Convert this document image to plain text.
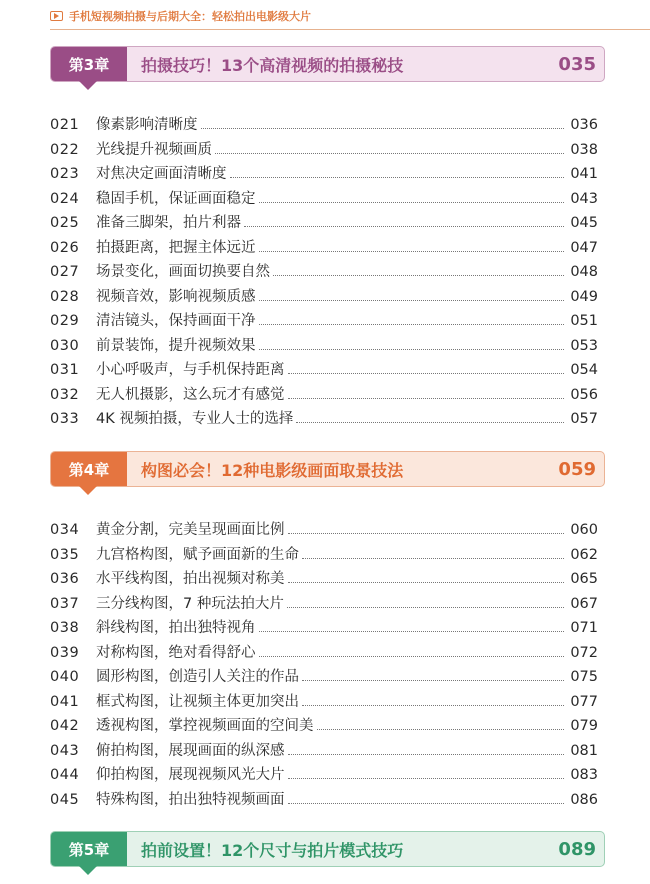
手机短视频拍摄与后期大全：轻松拍出电影级大片
第3章	拍摄技巧！13个高清视频的拍摄秘技	035
021	像素影响清晰度	036
022	光线提升视频画质	038
023	对焦决定画面清晰度	041
024	稳固手机，保证画面稳定	043
025	准备三脚架，拍片利器	045
026	拍摄距离，把握主体远近	047
027	场景变化，画面切换要自然	048
028	视频音效，影响视频质感	049
029	清洁镜头，保持画面干净	051
030	前景装饰，提升视频效果	053
031	小心呼吸声，与手机保持距离	054
032	无人机摄影，这么玩才有感觉	056
033	4K 视频拍摄，专业人士的选择	057
第4章	构图必会！12种电影级画面取景技法	059
034	黄金分割，完美呈现画面比例	060
035	九宫格构图，赋予画面新的生命	062
036	水平线构图，拍出视频对称美	065
037	三分线构图，7 种玩法拍大片	067
038	斜线构图，拍出独特视角	071
039	对称构图，绝对看得舒心	072
040	圆形构图，创造引人关注的作品	075
041	框式构图，让视频主体更加突出	077
042	透视构图，掌控视频画面的空间美	079
043	俯拍构图，展现画面的纵深感	081
044	仰拍构图，展现视频风光大片	083
045	特殊构图，拍出独特视频画面	086
第5章	拍前设置！12个尺寸与拍片模式技巧	089
